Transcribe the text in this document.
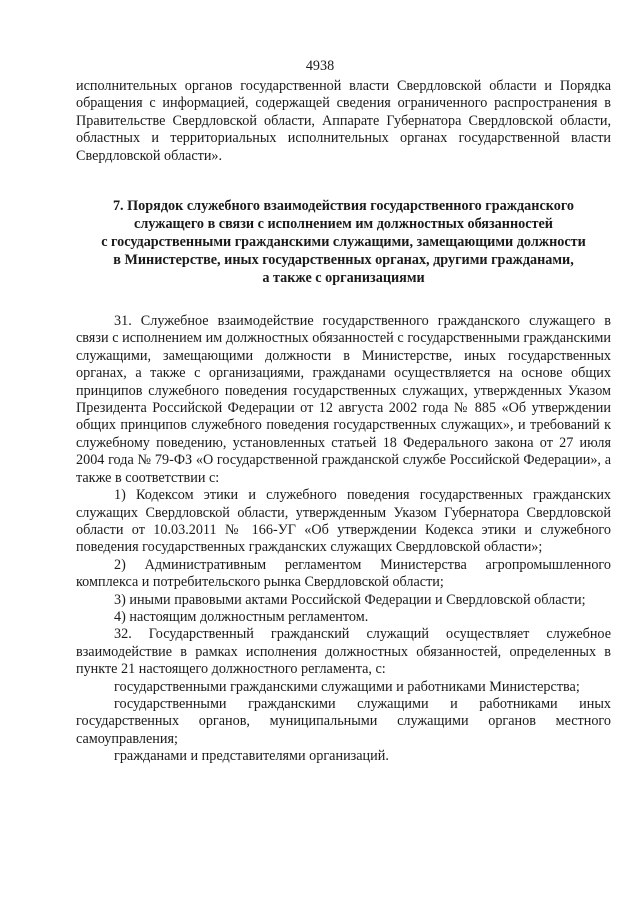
4938

исполнительных органов государственной власти Свердловской области и Порядка обращения с информацией, содержащей сведения ограниченного распространения в Правительстве Свердловской области, Аппарате Губернатора Свердловской области, областных и территориальных исполнительных органах государственной власти Свердловской области».

7. Порядок служебного взаимодействия государственного гражданского
служащего в связи с исполнением им должностных обязанностей
с государственными гражданскими служащими, замещающими должности
в Министерстве, иных государственных органах, другими гражданами,
а также с организациями

31. Служебное взаимодействие государственного гражданского служащего в связи с исполнением им должностных обязанностей с государственными гражданскими служащими, замещающими должности в Министерстве, иных государственных органах, а также с организациями, гражданами осуществляется на основе общих принципов служебного поведения государственных служащих, утвержденных Указом Президента Российской Федерации от 12 августа 2002 года № 885 «Об утверждении общих принципов служебного поведения государственных служащих», и требований к служебному поведению, установленных статьей 18 Федерального закона от 27 июля 2004 года № 79-ФЗ «О государственной гражданской службе Российской Федерации», а также в соответствии с:

1) Кодексом этики и служебного поведения государственных гражданских служащих Свердловской области, утвержденным Указом Губернатора Свердловской области от 10.03.2011 № 166-УГ «Об утверждении Кодекса этики и служебного поведения государственных гражданских служащих Свердловской области»;

2) Административным регламентом Министерства агропромышленного комплекса и потребительского рынка Свердловской области;

3) иными правовыми актами Российской Федерации и Свердловской области;

4) настоящим должностным регламентом.

32. Государственный гражданский служащий осуществляет служебное взаимодействие в рамках исполнения должностных обязанностей, определенных в пункте 21 настоящего должностного регламента, с:

государственными гражданскими служащими и работниками Министерства;

государственными гражданскими служащими и работниками иных государственных органов, муниципальными служащими органов местного самоуправления;

гражданами и представителями организаций.
